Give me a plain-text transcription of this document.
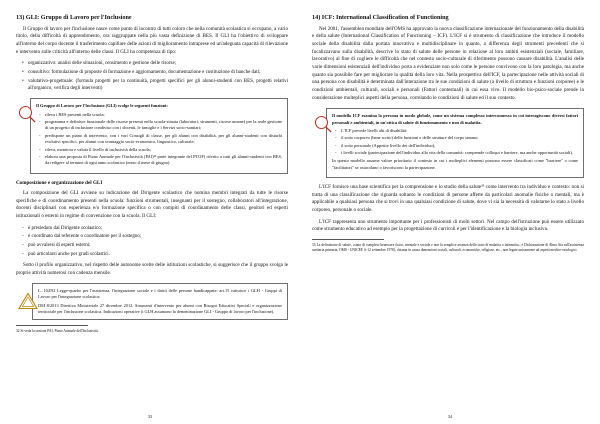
13) GLI: Gruppo di Lavoro per l'Inclusione

Il Gruppo di lavoro per l'inclusione nasce come punto di incontro di tutti coloro che nella comunità scolastica si occupano, a vario titolo, della difficoltà di apprendimento, ora raggruppate nella più vasta definizione di BES. Il GLI ha l'obiettivo di sviluppare all'interno del corpo docente il trasferimento capillare delle azioni di miglioramento intraprese ed un'adeguata capacità di rilevazione e intervento sulle criticità all'interno delle classi. Il GLI ha competenza di tipo:

• organizzativo: analisi delle situazioni, censimento e gestione delle risorse;
• consultivo: formulazione di proposte di formazione e aggiornamento, documentazione e costituzione di banche dati;
• valutativo-progettuale: (formula progetti per la continuità, progetti specifici per gli alunni-studenti con BES, progetti relativi all'organico, verifica degli interventi)
Il Gruppo di Lavoro per l'Inclusione (GLI) svolge le seguenti funzioni:
- rileva i BES presenti nella scuola;
- programma e definisce funzionale delle risorse presenti nella scuola-situata (laboratori, strumenti, risorse umane) per la reale gestione di un progetto di inclusione condiviso con i docenti, le famiglie e i Servizi socio-sanitari;
- predispone un piano di intervento, con i vari Consigli di classe, per gli alunni con disabilità, per gli alunni-studenti con disturbi evolutivi specifici, per alunni con svantaggio socio-economico, linguistico, culturale;
- rileva, monitora e valuta il livello di inclusività della scuola;
- elabora una proposta di Piano Annuale per l'Inclusività (PAI)³² parte integrante del PTOF) riferito a tutti gli alunni-studenti con BES, da redigere al termine di ogni anno scolastico (entro il mese di giugno).

Composizione e organizzazione del GLI

La composizione del GLI avviene su indicazione del Dirigente scolastico che nomina membri integrati da tutte le risorse specifiche e di coordinamento presenti nella scuola: funzioni strumentali, insegnanti per il sostegno, collaboratori all'integrazione, docenti disciplinari con esperienza e/o formazione specifica o con compiti di coordinamento delle classi, genitori ed esperti istituzionali o esterni in regime di convenzione con la scuola. Il GLI:

- è presieduto dal Dirigente scolastico;
- è coordinato dal referente o coordinatore per il sostegno;
- può avvalersi di esperti esterni;
- può articolarsi anche per gradi scolastici.

Sotto il profilo organizzativo, nel rispetto delle autonome scelte delle istituzioni scolastiche, si suggerisce che il gruppo svolga le proprie attività numerosi con cadenza mensile.

L. 104/92 Legge-quadro per l'assistenza, l'integrazione sociale e i diritti delle persone handicappate: art.15 istituisce i GLH - Gruppi di Lavoro per l'integrazione scolastica;

DM 8/2013 Direttiva Ministeriale 27 dicembre 2012. Strumenti d'intervento per alunni con Bisogni Educativi Speciali e organizzazione territoriale per l'inclusione scolastica. Indicazioni operative (i GLH assumono la denominazione GLI - Gruppo di lavoro per l'inclusione).

32 Si veda la sezione PAI, Piano Annuale dell'Inclusività.

33
14) ICF: International Classification of Functioning

Nel 2001, l'assemblea mondiale dell'OMS ha approvato la nuova classificazione internazionale del funzionamento della disabilità e della salute (International Classification of Functioning – ICF). L'ICF si è strumento di classificazione che introduce il modello sociale della disabilità dalla portata innovativa e multidisciplinare in quanto, a differenza degli strumenti precedenti che si focalizzavano sulla disabilità, descrive lo stato di salute delle persone in relazione al loro ambiti esistenziali (sociale, familiare, lavorativo) al fine di cogliere le difficoltà che nel contesto socio-culturale di riferimento possono causare disabilità. L'analisi delle varie dimensioni esistenziali dell'individuo porta a evidenziare non solo come le persone convivono con la loro patologia, ma anche quanto sia possibile fare per migliorare la qualità della loro vita. Nella prospettiva dell'ICF, la partecipazione nelle attività sociali di una persona con disabilità è determinata dall'interazione tra le sue condizioni di salute (a livello di struttura e funzioni corporee) e le condizioni ambientali, culturali, sociali e personali (Fattori contestuali) in cui essa vive. Il modello bio-psico-sociale prende in considerazione molteplici aspetti della persona, correlando le condizioni di salute ed il suo contesto.

Il modello ICF esamina la persona in modo globale, come un sistema complesso interconnesso in cui interagiscono diversi fattori personali e ambientali, in un'ottica di salute di funzionamento e non di malattia.
- L'ICF prevede livelli alti di disabilità:
- il sotto corporeo (bene scrito) delle funzioni e delle strutture del corpo umano;
- il sotto personale (Appetite livello dei dell'individuo);
- i livelli sociale (partecipazione dell'individuo alla vita della comunità: comprende colloqui e barriere, ma anche opportunità sociali).

In questo modello assume valore prioritario il contesto in cui i molteplici elementi possono essere classificati come "barriere" o come "facilitatori" se ostacolano o favoriscono la partecipazione.

L'ICF fornisce una base scientifica per la comprensione e lo studio della salute³³ come intervento tra individuo e contesto: non si tratta di una classificazione che riguarda soltanto le condizioni di persone affette da particolari anomalie fisiche o mentali, ma è applicabile a qualsiasi persona che si trovi in una qualsiasi condizione di salute, dove vi sia la necessità di valutarne lo stato a livello corporeo, personale o sociale.

L'ICF rappresenta uno strumento importante per i professionisti di molti settori. Nel campo dell'istruzione può essere utilizzato come strumento educativo ad esempio per la progettazione di curricoli e per l'identificazione e la biologia inclusiva.

33 La definizione di salute, «stato di completo benessere fisico, mentale e sociale e non la semplice assenza dello stato di malattia o infermità», è Dichiarazione di Alma Ata sull'assistenza sanitaria primaria, OMS - UNICEF, 6-12 settembre 1978), chiama in causa dimensioni sociali, culturali, economiche, religiose, etc., non legate unicamente ad aspetti medico-eziologici.

34
